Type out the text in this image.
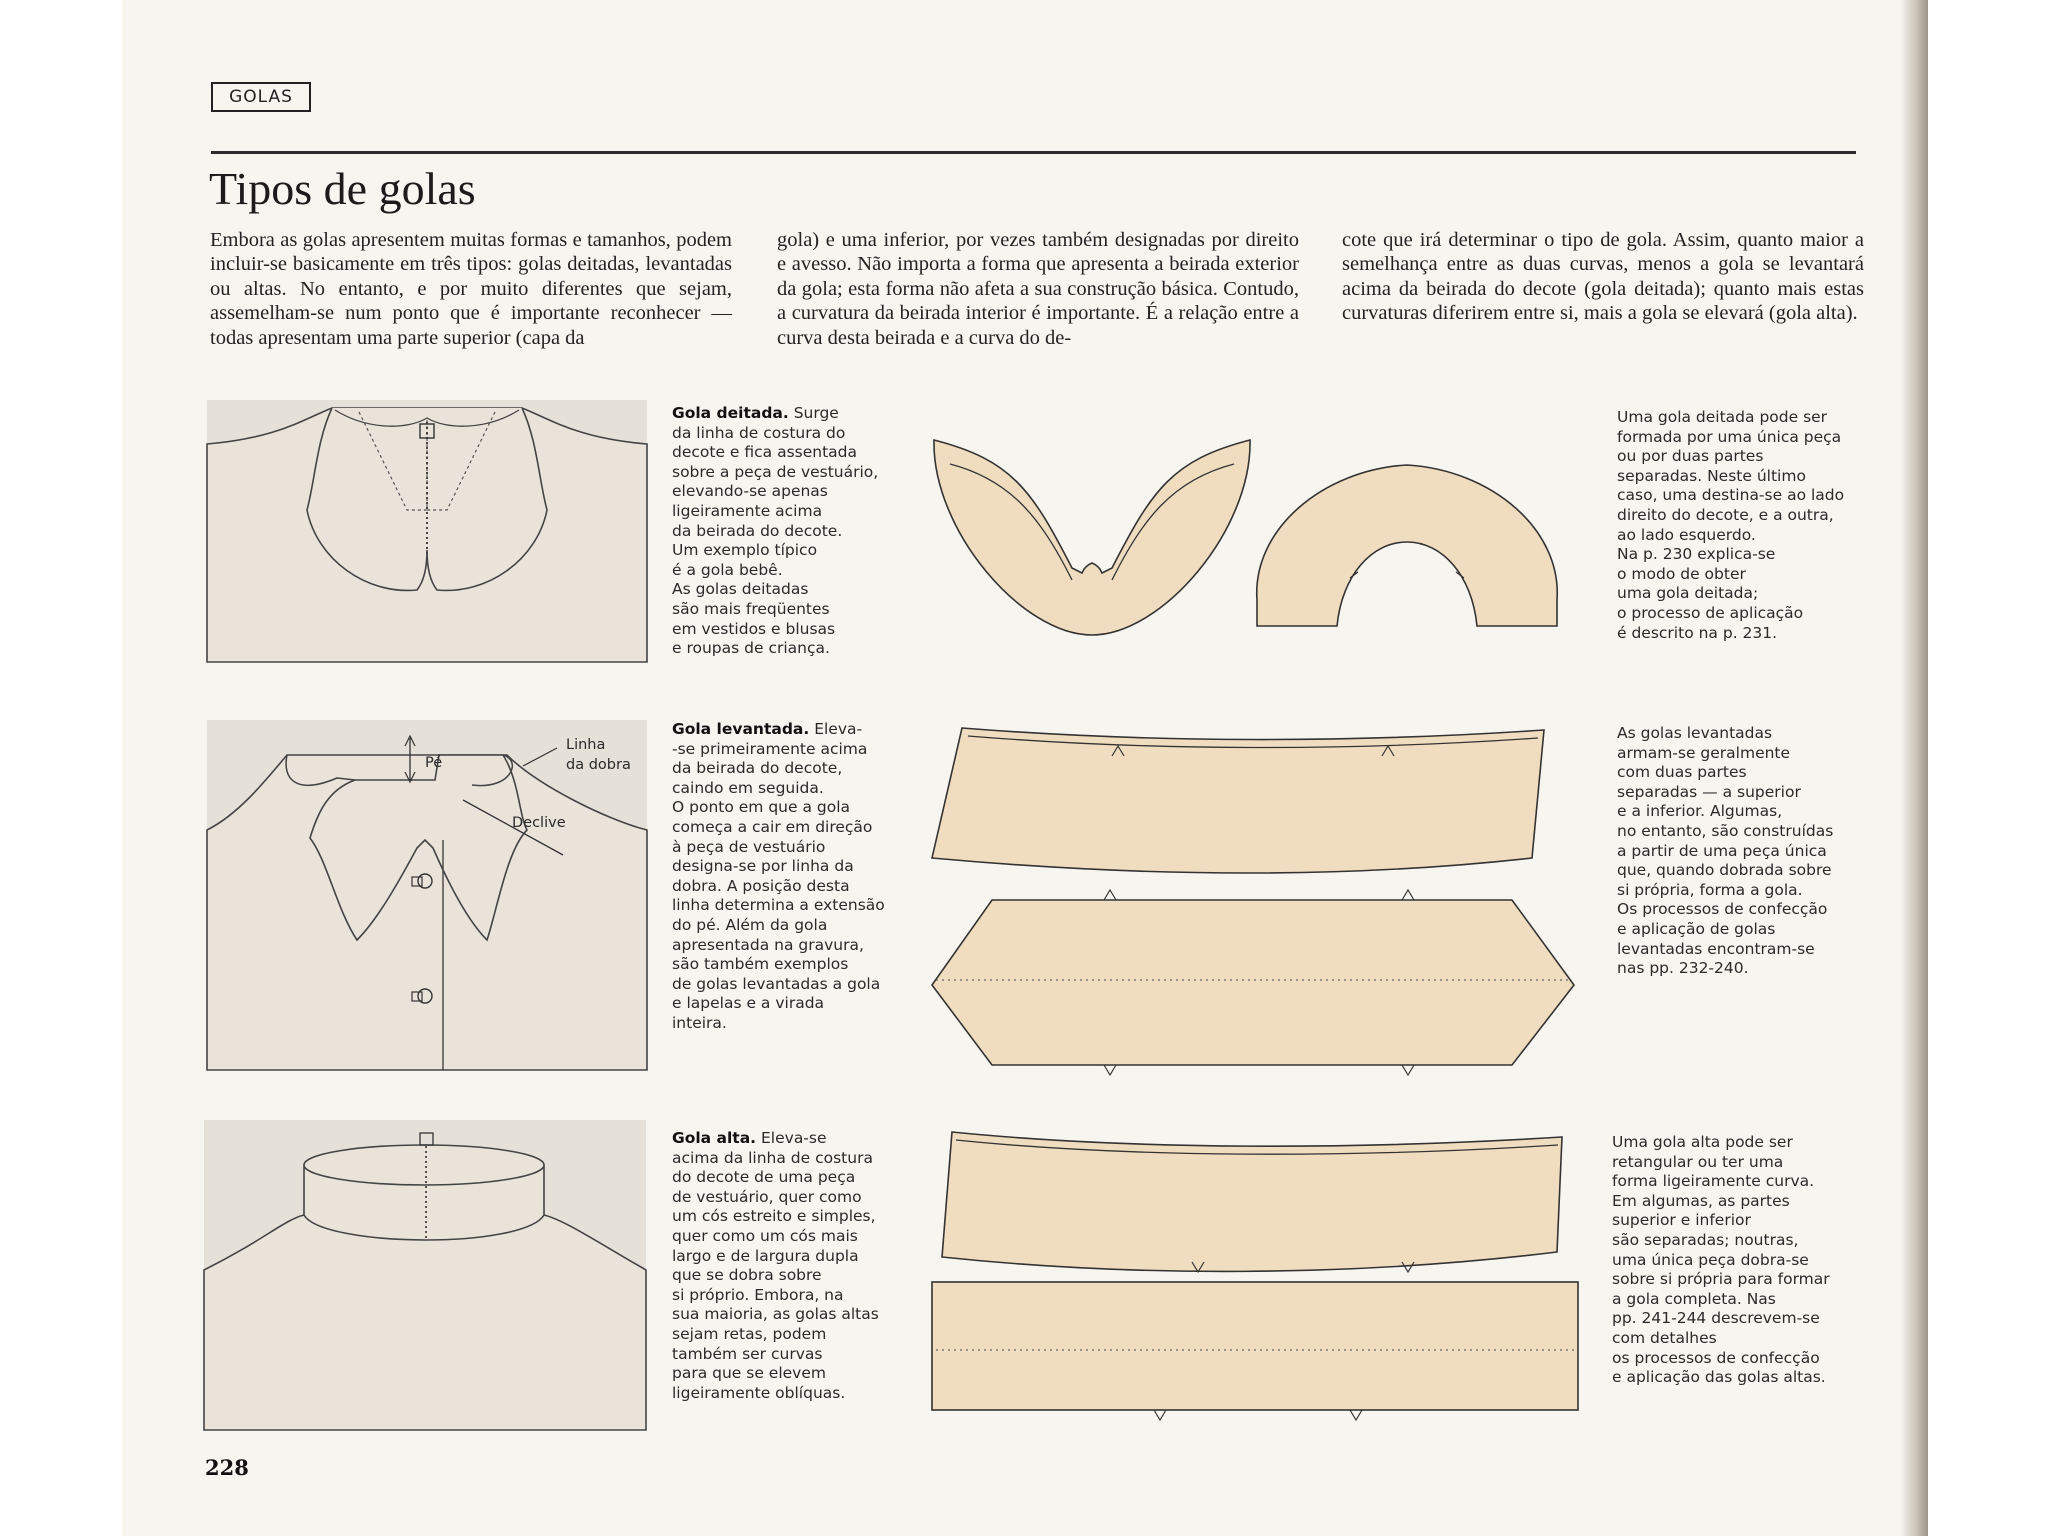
GOLAS
Tipos de golas
Embora as golas apresentem muitas formas e tamanhos, podem incluir-se basicamente em três tipos: golas deitadas, levantadas ou altas. No entanto, e por muito diferentes que sejam, assemelham-se num ponto que é importante reconhecer —todas apresentam uma parte superior (capa da
gola) e uma inferior, por vezes também designadas por direito e avesso. Não importa a forma que apresenta a beirada exterior da gola; esta forma não afeta a sua construção básica. Contudo, a curvatura da beirada interior é importante. É a relação entre a curva desta beirada e a curva do de-
cote que irá determinar o tipo de gola. Assim, quanto maior a semelhança entre as duas curvas, menos a gola se levantará acima da beirada do decote (gola deitada); quanto mais estas curvaturas diferirem entre si, mais a gola se elevará (gola alta).
Gola deitada. Surge
da linha de costura do
decote e fica assentada
sobre a peça de vestuário,
elevando-se apenas
ligeiramente acima
da beirada do decote.
Um exemplo típico
é a gola bebê.
As golas deitadas
são mais freqüentes
em vestidos e blusas
e roupas de criança.
Uma gola deitada pode ser
formada por uma única peça
ou por duas partes
separadas. Neste último
caso, uma destina-se ao lado
direito do decote, e a outra,
ao lado esquerdo.
Na p. 230 explica-se
o modo de obter
uma gola deitada;
o processo de aplicação
é descrito na p. 231.
Pé
Linha
da dobra
Declive
Gola levantada. Eleva-
-se primeiramente acima
da beirada do decote,
caindo em seguida.
O ponto em que a gola
começa a cair em direção
à peça de vestuário
designa-se por linha da
dobra. A posição desta
linha determina a extensão
do pé. Além da gola
apresentada na gravura,
são também exemplos
de golas levantadas a gola
e lapelas e a virada
inteira.
As golas levantadas
armam-se geralmente
com duas partes
separadas — a superior
e a inferior. Algumas,
no entanto, são construídas
a partir de uma peça única
que, quando dobrada sobre
si própria, forma a gola.
Os processos de confecção
e aplicação de golas
levantadas encontram-se
nas pp. 232-240.
Gola alta. Eleva-se
acima da linha de costura
do decote de uma peça
de vestuário, quer como
um cós estreito e simples,
quer como um cós mais
largo e de largura dupla
que se dobra sobre
si próprio. Embora, na
sua maioria, as golas altas
sejam retas, podem
também ser curvas
para que se elevem
ligeiramente oblíquas.
Uma gola alta pode ser
retangular ou ter uma
forma ligeiramente curva.
Em algumas, as partes
superior e inferior
são separadas; noutras,
uma única peça dobra-se
sobre si própria para formar
a gola completa. Nas
pp. 241-244 descrevem-se
com detalhes
os processos de confecção
e aplicação das golas altas.
228
